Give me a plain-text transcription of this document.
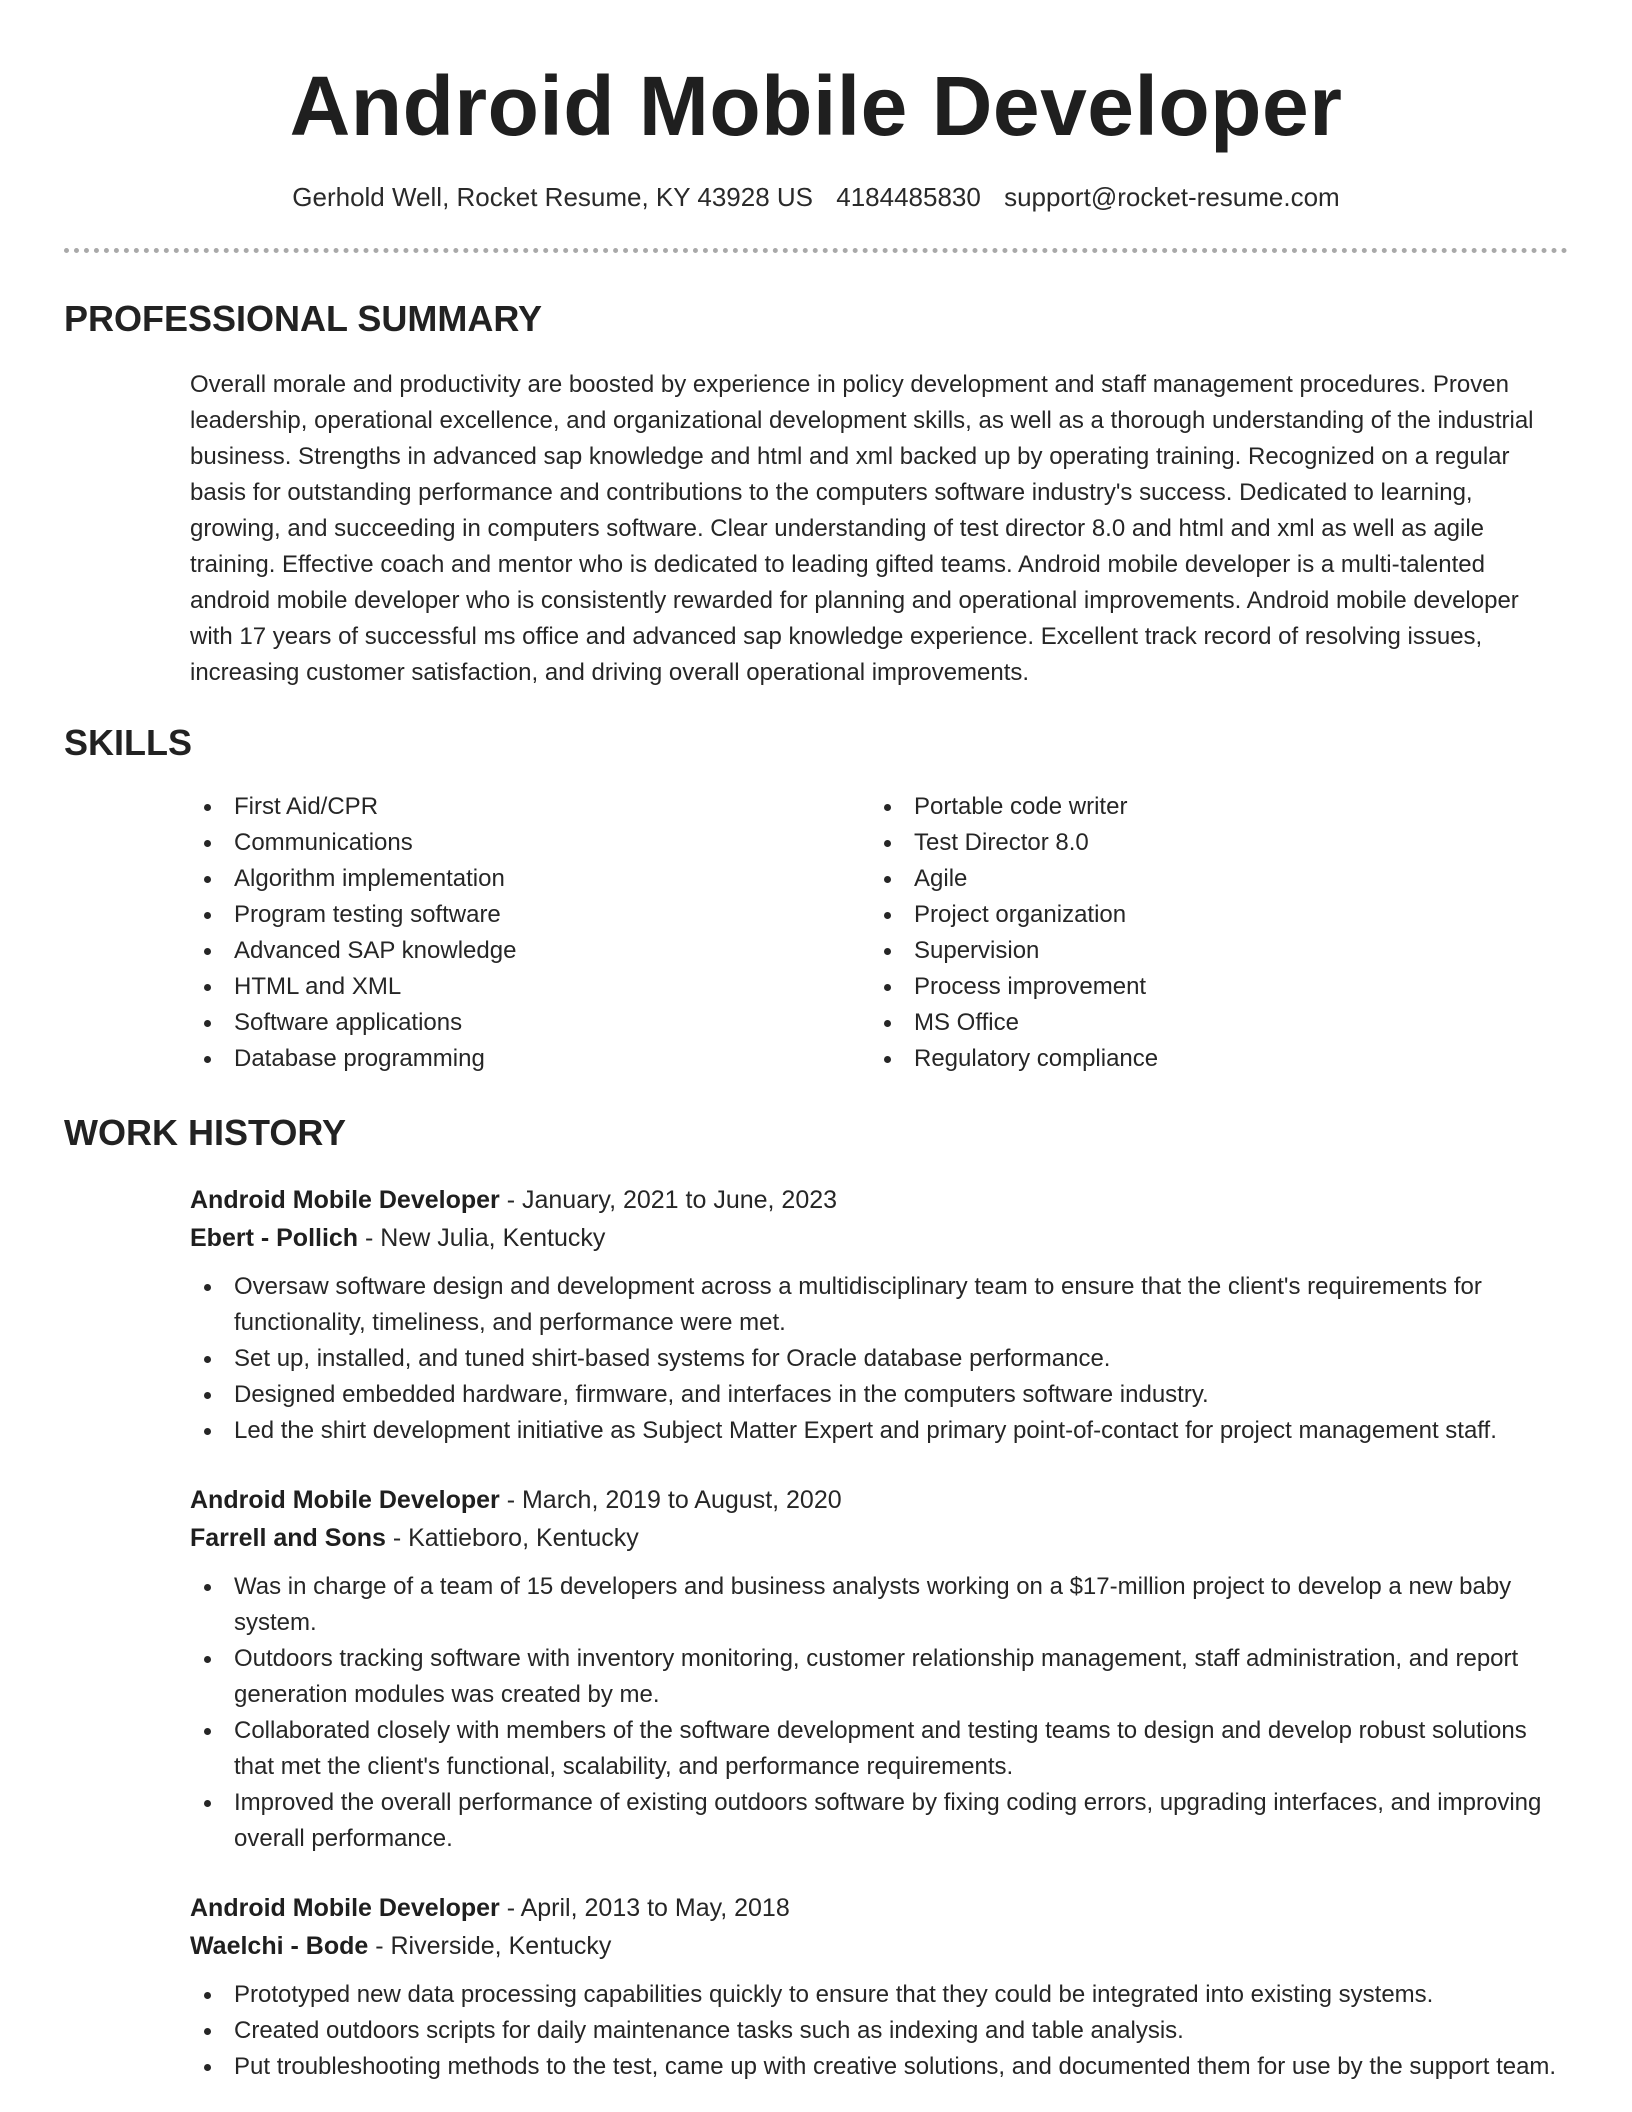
Android Mobile Developer
Gerhold Well, Rocket Resume, KY 43928 US 4184485830 support@rocket-resume.com
PROFESSIONAL SUMMARY
Overall morale and productivity are boosted by experience in policy development and staff management procedures. Proven leadership, operational excellence, and organizational development skills, as well as a thorough understanding of the industrial business. Strengths in advanced sap knowledge and html and xml backed up by operating training. Recognized on a regular basis for outstanding performance and contributions to the computers software industry's success. Dedicated to learning, growing, and succeeding in computers software. Clear understanding of test director 8.0 and html and xml as well as agile training. Effective coach and mentor who is dedicated to leading gifted teams. Android mobile developer is a multi-talented android mobile developer who is consistently rewarded for planning and operational improvements. Android mobile developer with 17 years of successful ms office and advanced sap knowledge experience. Excellent track record of resolving issues, increasing customer satisfaction, and driving overall operational improvements.
SKILLS
First Aid/CPR
Communications
Algorithm implementation
Program testing software
Advanced SAP knowledge
HTML and XML
Software applications
Database programming
Portable code writer
Test Director 8.0
Agile
Project organization
Supervision
Process improvement
MS Office
Regulatory compliance
WORK HISTORY
Android Mobile Developer - January, 2021 to June, 2023
Ebert - Pollich - New Julia, Kentucky
Oversaw software design and development across a multidisciplinary team to ensure that the client's requirements for functionality, timeliness, and performance were met.
Set up, installed, and tuned shirt-based systems for Oracle database performance.
Designed embedded hardware, firmware, and interfaces in the computers software industry.
Led the shirt development initiative as Subject Matter Expert and primary point-of-contact for project management staff.
Android Mobile Developer - March, 2019 to August, 2020
Farrell and Sons - Kattieboro, Kentucky
Was in charge of a team of 15 developers and business analysts working on a $17-million project to develop a new baby system.
Outdoors tracking software with inventory monitoring, customer relationship management, staff administration, and report generation modules was created by me.
Collaborated closely with members of the software development and testing teams to design and develop robust solutions that met the client's functional, scalability, and performance requirements.
Improved the overall performance of existing outdoors software by fixing coding errors, upgrading interfaces, and improving overall performance.
Android Mobile Developer - April, 2013 to May, 2018
Waelchi - Bode - Riverside, Kentucky
Prototyped new data processing capabilities quickly to ensure that they could be integrated into existing systems.
Created outdoors scripts for daily maintenance tasks such as indexing and table analysis.
Put troubleshooting methods to the test, came up with creative solutions, and documented them for use by the support team.
